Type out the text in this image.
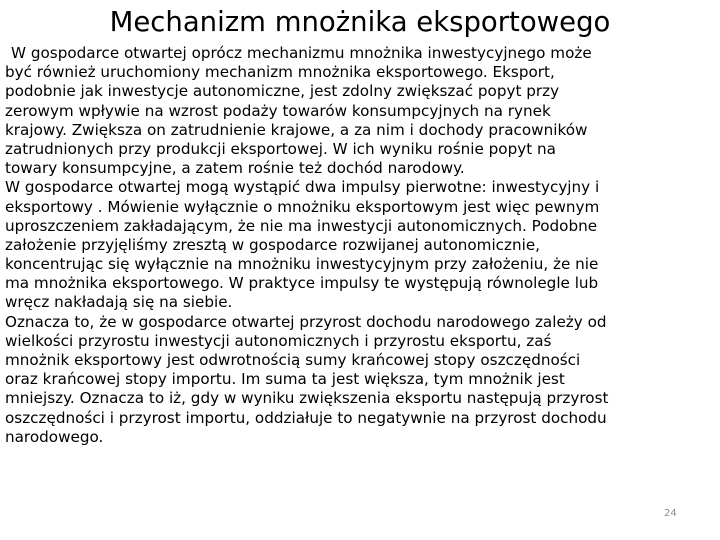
Mechanizm mnożnika eksportowego
W gospodarce otwartej oprócz mechanizmu mnożnika inwestycyjnego może
być również uruchomiony mechanizm mnożnika eksportowego. Eksport,
podobnie jak inwestycje autonomiczne, jest zdolny zwiększać popyt przy
zerowym wpływie na wzrost podaży towarów konsumpcyjnych na rynek
krajowy. Zwiększa on zatrudnienie krajowe, a za nim i dochody pracowników
zatrudnionych przy produkcji eksportowej. W ich wyniku rośnie popyt na
towary konsumpcyjne, a zatem rośnie też dochód narodowy.
W gospodarce otwartej mogą wystąpić dwa impulsy pierwotne: inwestycyjny i
eksportowy . Mówienie wyłącznie o mnożniku eksportowym jest więc pewnym
uproszczeniem zakładającym, że nie ma inwestycji autonomicznych. Podobne
założenie przyjęliśmy zresztą w gospodarce rozwijanej autonomicznie,
koncentrując się wyłącznie na mnożniku inwestycyjnym przy założeniu, że nie
ma mnożnika eksportowego. W praktyce impulsy te występują równolegle lub
wręcz nakładają się na siebie.
Oznacza to, że w gospodarce otwartej przyrost dochodu narodowego zależy od
wielkości przyrostu inwestycji autonomicznych i przyrostu eksportu, zaś
mnożnik eksportowy jest odwrotnością sumy krańcowej stopy oszczędności
oraz krańcowej stopy importu. Im suma ta jest większa, tym mnożnik jest
mniejszy. Oznacza to iż, gdy w wyniku zwiększenia eksportu następują przyrost
oszczędności i przyrost importu, oddziałuje to negatywnie na przyrost dochodu
narodowego.
24
